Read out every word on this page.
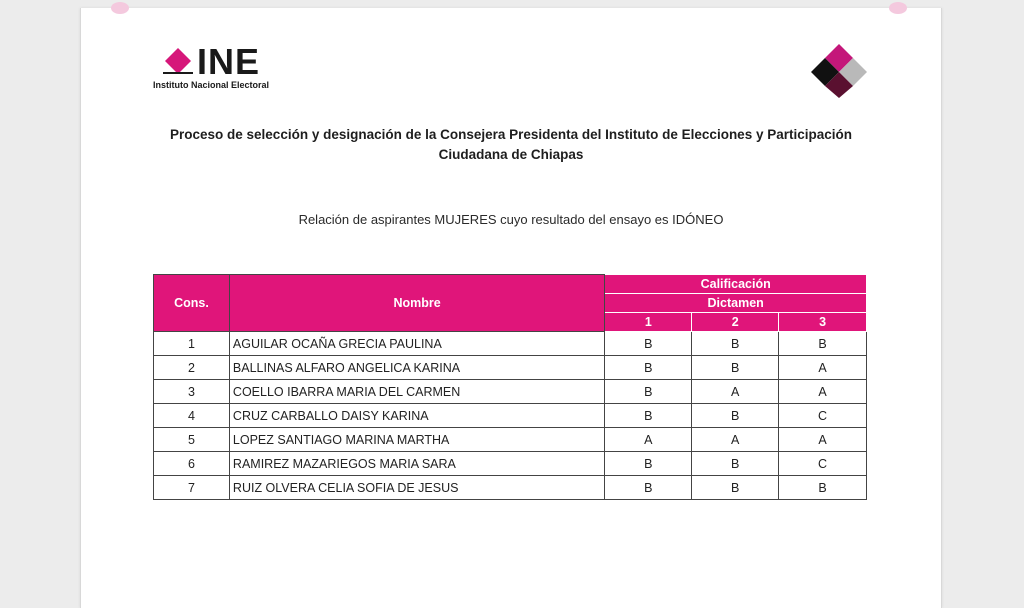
INE
Instituto Nacional Electoral
Proceso de selección y designación de la Consejera Presidenta del Instituto de Elecciones y Participación Ciudadana de Chiapas
Relación de aspirantes MUJERES cuyo resultado del ensayo es IDÓNEO
Cons.	Nombre	Calificación		
		Dictamen		
		1	2	3
1	AGUILAR OCAÑA GRECIA PAULINA	B	B	B
2	BALLINAS ALFARO ANGELICA KARINA	B	B	A
3	COELLO IBARRA MARIA DEL CARMEN	B	A	A
4	CRUZ CARBALLO DAISY KARINA	B	B	C
5	LOPEZ SANTIAGO MARINA MARTHA	A	A	A
6	RAMIREZ MAZARIEGOS MARIA SARA	B	B	C
7	RUIZ OLVERA CELIA SOFIA DE JESUS	B	B	B
